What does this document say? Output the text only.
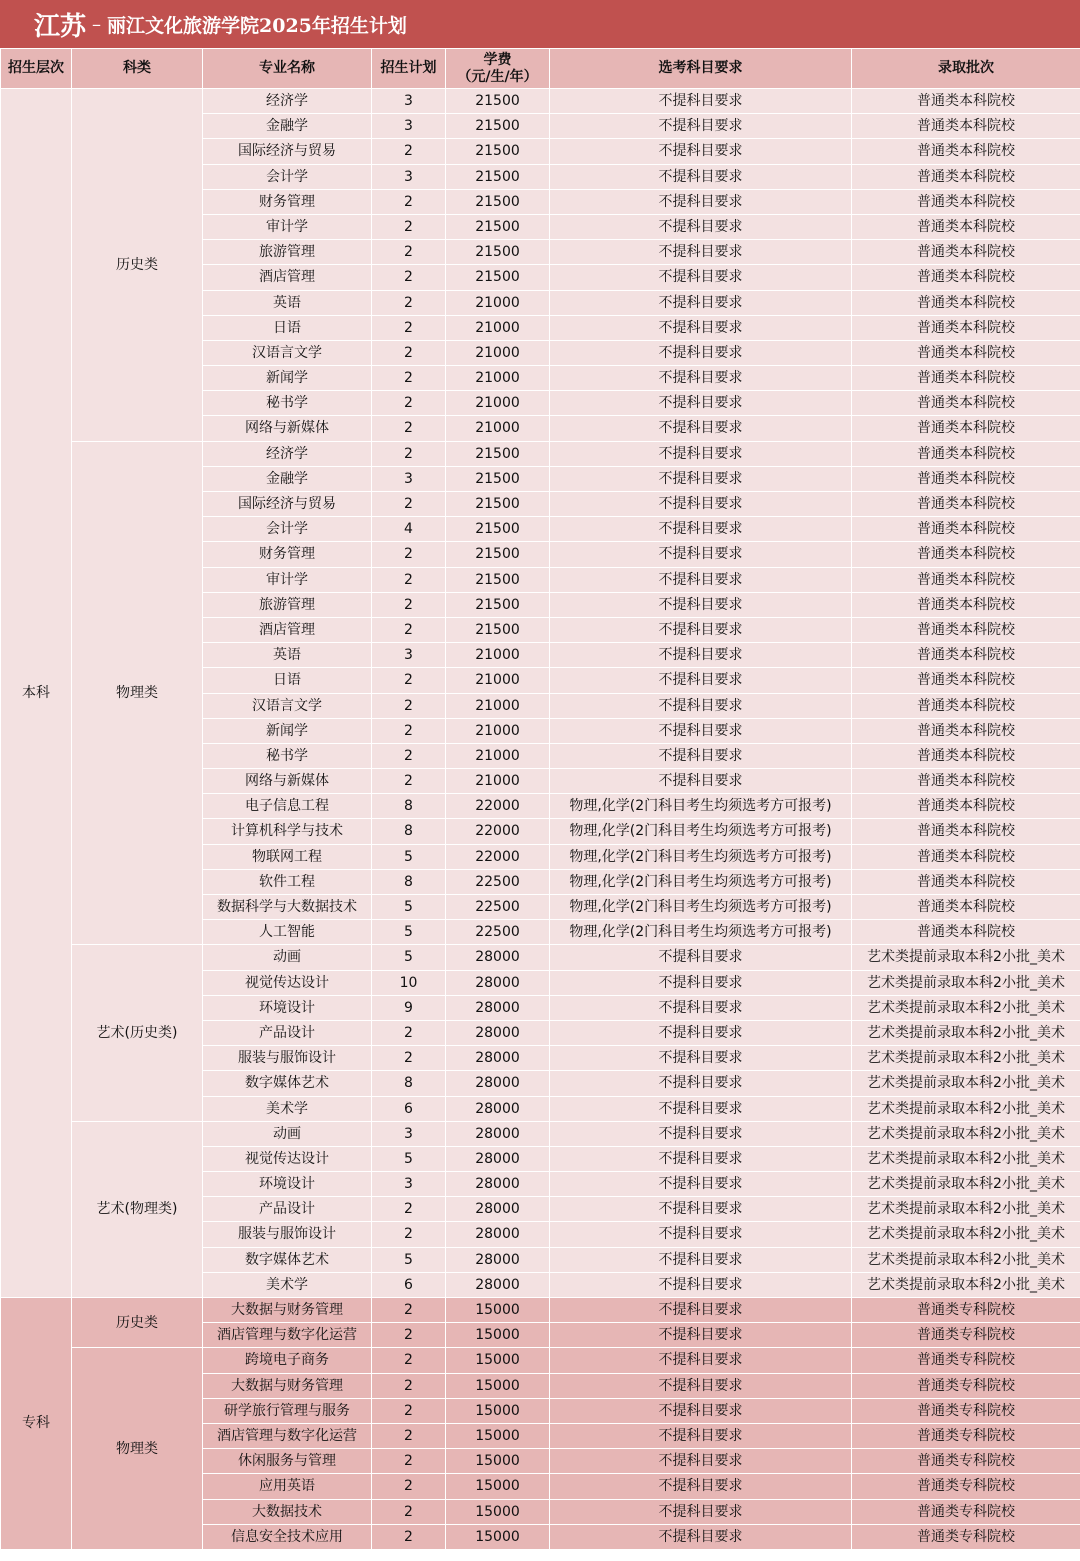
江苏 – 丽江文化旅游学院2025年招生计划
招生层次	科类	专业名称	招生计划	学费
（元/生/年）	选考科目要求	录取批次
本科	历史类	经济学	3	21500	不提科目要求	普通类本科院校
		金融学	3	21500	不提科目要求	普通类本科院校
		国际经济与贸易	2	21500	不提科目要求	普通类本科院校
		会计学	3	21500	不提科目要求	普通类本科院校
		财务管理	2	21500	不提科目要求	普通类本科院校
		审计学	2	21500	不提科目要求	普通类本科院校
		旅游管理	2	21500	不提科目要求	普通类本科院校
		酒店管理	2	21500	不提科目要求	普通类本科院校
		英语	2	21000	不提科目要求	普通类本科院校
		日语	2	21000	不提科目要求	普通类本科院校
		汉语言文学	2	21000	不提科目要求	普通类本科院校
		新闻学	2	21000	不提科目要求	普通类本科院校
		秘书学	2	21000	不提科目要求	普通类本科院校
		网络与新媒体	2	21000	不提科目要求	普通类本科院校
	物理类	经济学	2	21500	不提科目要求	普通类本科院校
		金融学	3	21500	不提科目要求	普通类本科院校
		国际经济与贸易	2	21500	不提科目要求	普通类本科院校
		会计学	4	21500	不提科目要求	普通类本科院校
		财务管理	2	21500	不提科目要求	普通类本科院校
		审计学	2	21500	不提科目要求	普通类本科院校
		旅游管理	2	21500	不提科目要求	普通类本科院校
		酒店管理	2	21500	不提科目要求	普通类本科院校
		英语	3	21000	不提科目要求	普通类本科院校
		日语	2	21000	不提科目要求	普通类本科院校
		汉语言文学	2	21000	不提科目要求	普通类本科院校
		新闻学	2	21000	不提科目要求	普通类本科院校
		秘书学	2	21000	不提科目要求	普通类本科院校
		网络与新媒体	2	21000	不提科目要求	普通类本科院校
		电子信息工程	8	22000	物理,化学(2门科目考生均须选考方可报考)	普通类本科院校
		计算机科学与技术	8	22000	物理,化学(2门科目考生均须选考方可报考)	普通类本科院校
		物联网工程	5	22000	物理,化学(2门科目考生均须选考方可报考)	普通类本科院校
		软件工程	8	22500	物理,化学(2门科目考生均须选考方可报考)	普通类本科院校
		数据科学与大数据技术	5	22500	物理,化学(2门科目考生均须选考方可报考)	普通类本科院校
		人工智能	5	22500	物理,化学(2门科目考生均须选考方可报考)	普通类本科院校
	艺术(历史类)	动画	5	28000	不提科目要求	艺术类提前录取本科2小批_美术
		视觉传达设计	10	28000	不提科目要求	艺术类提前录取本科2小批_美术
		环境设计	9	28000	不提科目要求	艺术类提前录取本科2小批_美术
		产品设计	2	28000	不提科目要求	艺术类提前录取本科2小批_美术
		服装与服饰设计	2	28000	不提科目要求	艺术类提前录取本科2小批_美术
		数字媒体艺术	8	28000	不提科目要求	艺术类提前录取本科2小批_美术
		美术学	6	28000	不提科目要求	艺术类提前录取本科2小批_美术
	艺术(物理类)	动画	3	28000	不提科目要求	艺术类提前录取本科2小批_美术
		视觉传达设计	5	28000	不提科目要求	艺术类提前录取本科2小批_美术
		环境设计	3	28000	不提科目要求	艺术类提前录取本科2小批_美术
		产品设计	2	28000	不提科目要求	艺术类提前录取本科2小批_美术
		服装与服饰设计	2	28000	不提科目要求	艺术类提前录取本科2小批_美术
		数字媒体艺术	5	28000	不提科目要求	艺术类提前录取本科2小批_美术
		美术学	6	28000	不提科目要求	艺术类提前录取本科2小批_美术
专科	历史类	大数据与财务管理	2	15000	不提科目要求	普通类专科院校
		酒店管理与数字化运营	2	15000	不提科目要求	普通类专科院校
	物理类	跨境电子商务	2	15000	不提科目要求	普通类专科院校
		大数据与财务管理	2	15000	不提科目要求	普通类专科院校
		研学旅行管理与服务	2	15000	不提科目要求	普通类专科院校
		酒店管理与数字化运营	2	15000	不提科目要求	普通类专科院校
		休闲服务与管理	2	15000	不提科目要求	普通类专科院校
		应用英语	2	15000	不提科目要求	普通类专科院校
		大数据技术	2	15000	不提科目要求	普通类专科院校
		信息安全技术应用	2	15000	不提科目要求	普通类专科院校
